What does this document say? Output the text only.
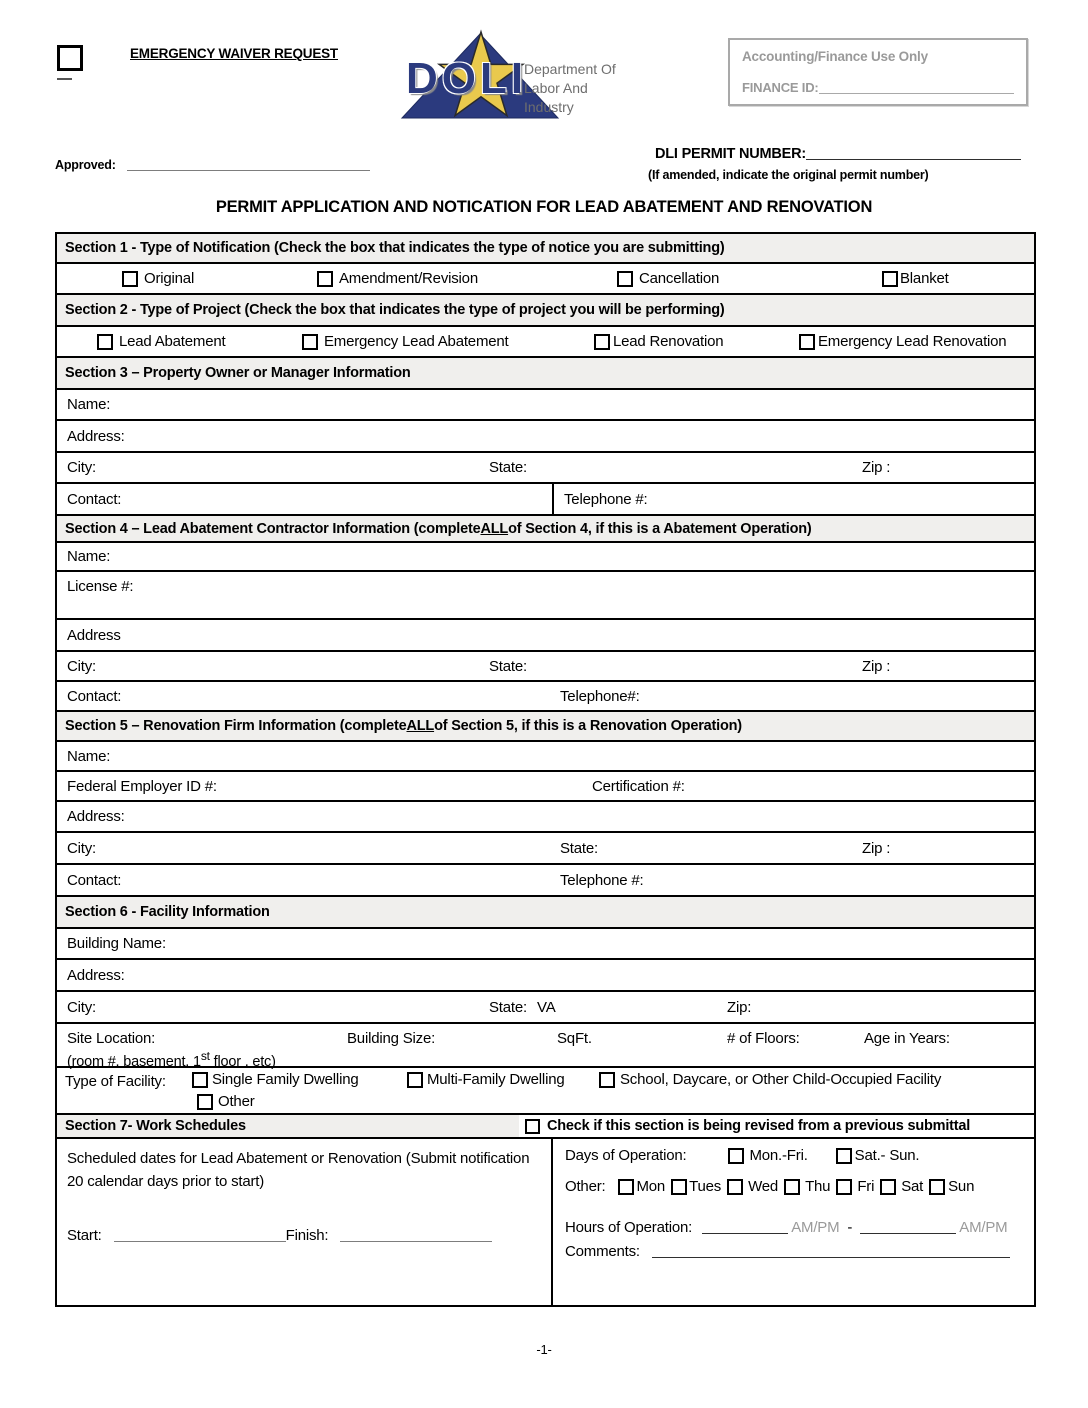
EMERGENCY WAIVER REQUEST
DOLI
Department Of
Labor And Industry
Accounting/Finance Use Only
FINANCE ID:
Approved:
DLI PERMIT NUMBER:
(If amended, indicate the original permit number)
PERMIT APPLICATION AND NOTICATION FOR LEAD ABATEMENT AND RENOVATION
Section 1 - Type of Notification (Check the box that indicates the type of notice you are submitting)
Original	Amendment/Revision	Cancellation	Blanket
Section 2 - Type of Project (Check the box that indicates the type of project you will be performing)
Lead Abatement	Emergency Lead Abatement	Lead Renovation	Emergency Lead Renovation
Section 3 – Property Owner or Manager Information
Name:
Address:
City:	State:	Zip :
Contact:	Telephone #:
Section 4 – Lead Abatement Contractor Information (complete ALL of Section 4, if this is a Abatement Operation)
Name:
License #:
Address
City:	State:	Zip :
Contact:	Telephone#:
Section 5 – Renovation Firm Information (complete ALL of Section 5, if this is a Renovation Operation)
Name:
Federal Employer ID #:	Certification #:
Address:
City:	State:	Zip :
Contact:	Telephone #:
Section 6 - Facility Information
Building Name:
Address:
City:	State: VA	Zip:
Site Location:	Building Size:	SqFt.	# of Floors:	Age in Years:
(room #, basement, 1st floor , etc)
Type of Facility:	Single Family Dwelling	Multi-Family Dwelling	School, Daycare, or Other Child-Occupied Facility
Other
Section 7- Work Schedules	Check if this section is being revised from a previous submittal
Scheduled dates for Lead Abatement or Renovation (Submit notification 20 calendar days prior to start)
Start:	Finish:
Days of Operation:	Mon.-Fri.	Sat.- Sun.
Other: Mon Tues Wed Thu Fri Sat Sun
Hours of Operation:	AM/PM -	AM/PM
Comments:
-1-
